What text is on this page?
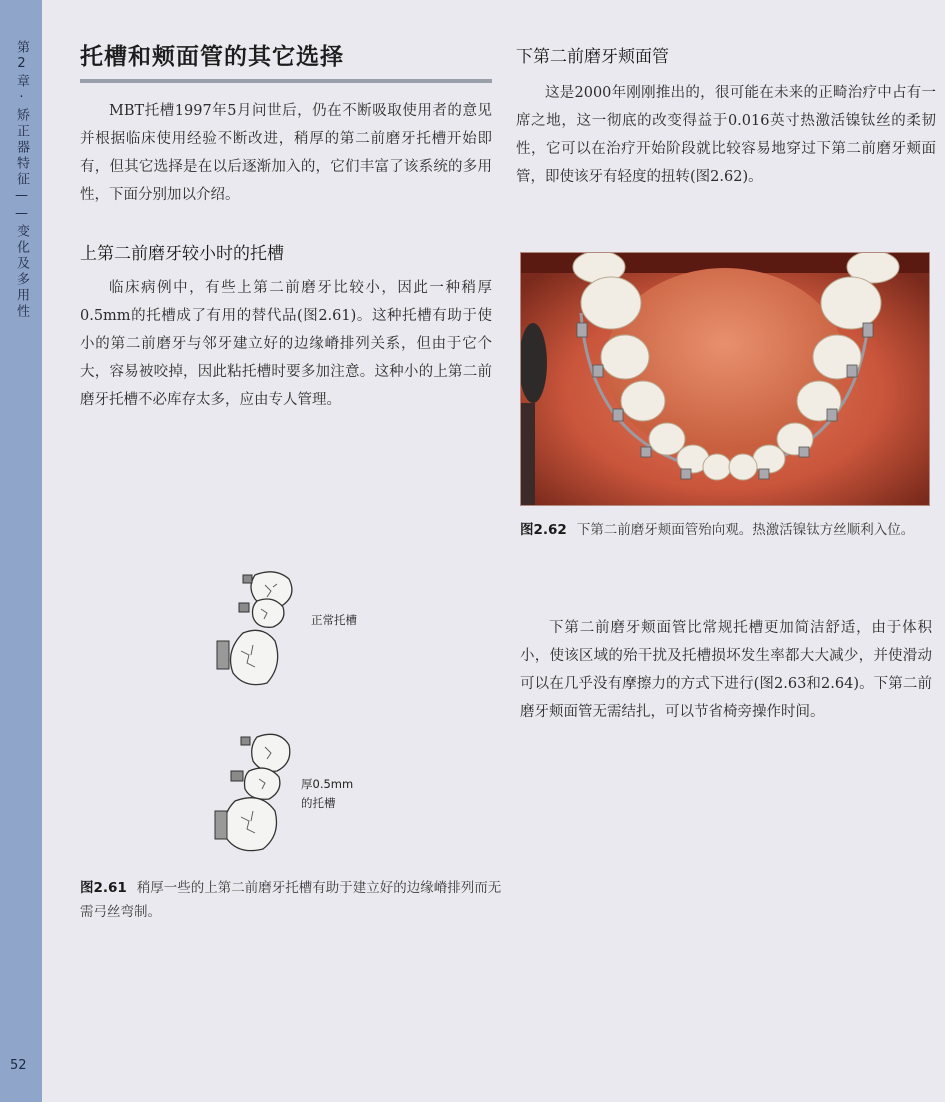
第2章·矫正器特征——变化及多用性
52
托槽和颊面管的其它选择

MBT托槽1997年5月问世后，仍在不断吸取使用者的意见并根据临床使用经验不断改进，稍厚的第二前磨牙托槽开始即有，但其它选择是在以后逐渐加入的，它们丰富了该系统的多用性，下面分别加以介绍。

上第二前磨牙较小时的托槽

临床病例中，有些上第二前磨牙比较小，因此一种稍厚0.5mm的托槽成了有用的替代品(图2.61)。这种托槽有助于使小的第二前磨牙与邻牙建立好的边缘嵴排列关系，但由于它个大，容易被咬掉，因此粘托槽时要多加注意。这种小的上第二前磨牙托槽不必库存太多，应由专人管理。

正常托槽
厚0.5mm
的托槽

图2.61 稍厚一些的上第二前磨牙托槽有助于建立好的边缘嵴排列而无需弓丝弯制。

下第二前磨牙颊面管

这是2000年刚刚推出的，很可能在未来的正畸治疗中占有一席之地，这一彻底的改变得益于0.016英寸热激活镍钛丝的柔韧性，它可以在治疗开始阶段就比较容易地穿过下第二前磨牙颊面管，即使该牙有轻度的扭转(图2.62)。

图2.62 下第二前磨牙颊面管殆向观。热激活镍钛方丝顺利入位。

下第二前磨牙颊面管比常规托槽更加简洁舒适，由于体积小，使该区域的殆干扰及托槽损坏发生率都大大减少，并使滑动可以在几乎没有摩擦力的方式下进行(图2.63和2.64)。下第二前磨牙颊面管无需结扎，可以节省椅旁操作时间。
